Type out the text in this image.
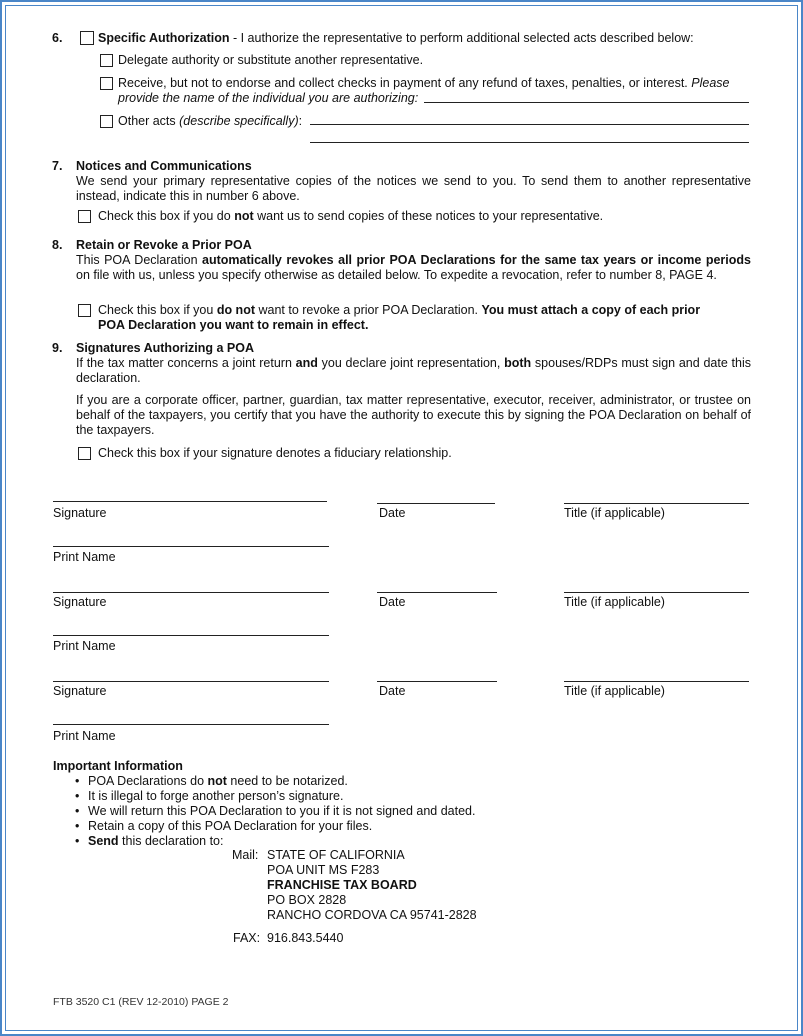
6.	Specific Authorization - I authorize the representative to perform additional selected acts described below:
Delegate authority or substitute another representative.
Receive, but not to endorse and collect checks in payment of any refund of taxes, penalties, or interest. Please
provide the name of the individual you are authorizing:
Other acts (describe specifically):
7. Notices and Communications
We send your primary representative copies of the notices we send to you. To send them to another representative instead, indicate this in number 6 above.
Check this box if you do not want us to send copies of these notices to your representative.
8. Retain or Revoke a Prior POA
This POA Declaration automatically revokes all prior POA Declarations for the same tax years or income periods on file with us, unless you specify otherwise as detailed below. To expedite a revocation, refer to number 8, PAGE 4.
Check this box if you do not want to revoke a prior POA Declaration. You must attach a copy of each prior
POA Declaration you want to remain in effect.
9. Signatures Authorizing a POA
If the tax matter concerns a joint return and you declare joint representation, both spouses/RDPs must sign and date this declaration.
If you are a corporate officer, partner, guardian, tax matter representative, executor, receiver, administrator, or trustee on behalf of the taxpayers, you certify that you have the authority to execute this by signing the POA Declaration on behalf of the taxpayers.
Check this box if your signature denotes a fiduciary relationship.
Signature	Date	Title (if applicable)
Print Name
Signature	Date	Title (if applicable)
Print Name
Signature	Date	Title (if applicable)
Print Name
Important Information
• POA Declarations do not need to be notarized.
• It is illegal to forge another person’s signature.
• We will return this POA Declaration to you if it is not signed and dated.
• Retain a copy of this POA Declaration for your files.
• Send this declaration to:
Mail: STATE OF CALIFORNIA
POA UNIT MS F283
FRANCHISE TAX BOARD
PO BOX 2828
RANCHO CORDOVA CA 95741-2828
FAX: 916.843.5440
FTB 3520 C1 (REV 12-2010) PAGE 2
